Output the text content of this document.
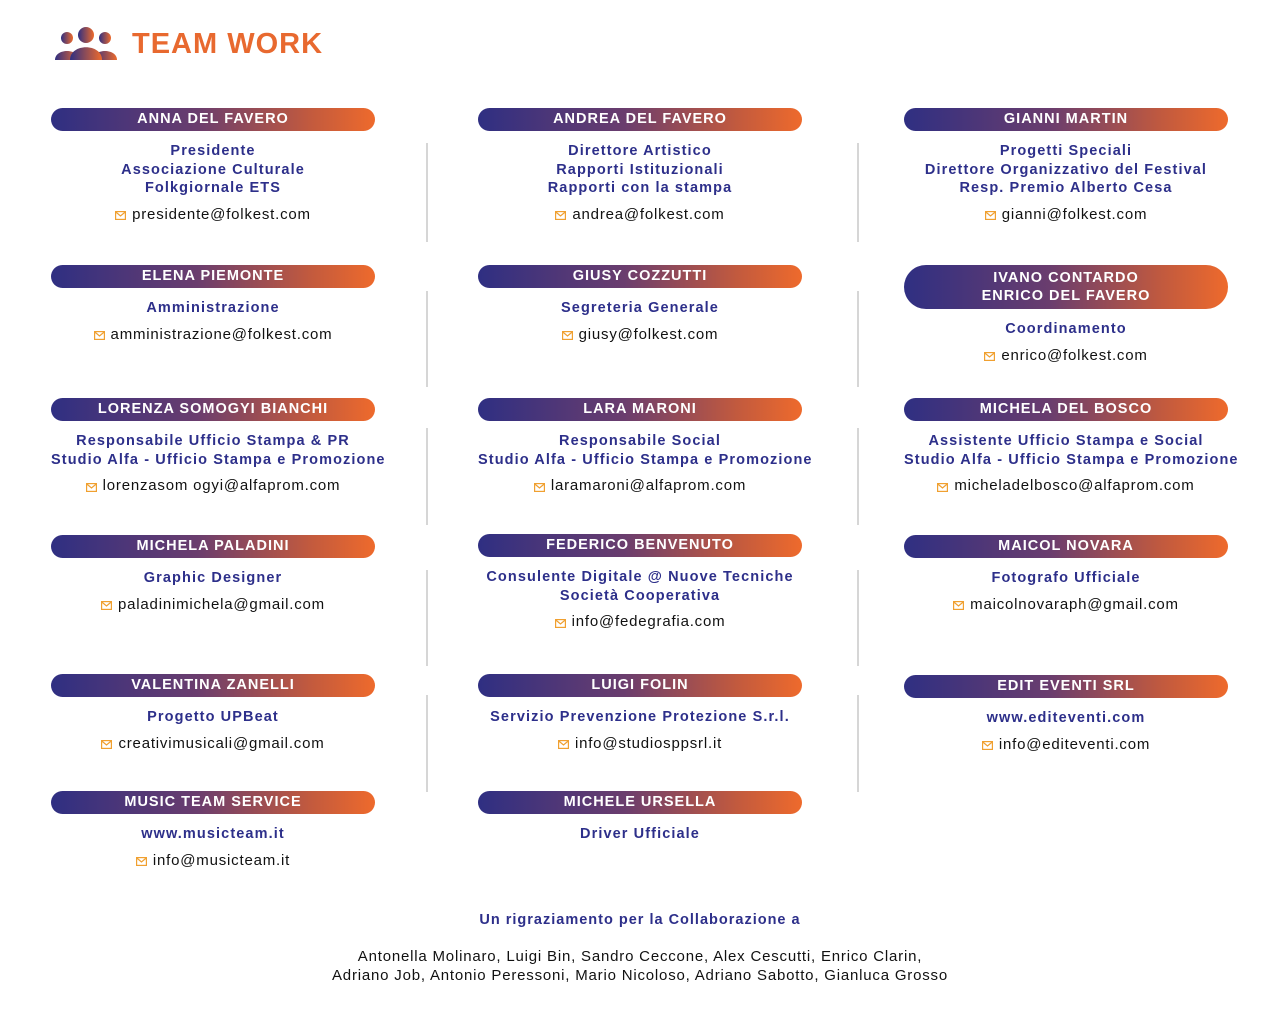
TEAM WORK
ANNA DEL FAVERO
Presidente
Associazione Culturale
Folkgiornale ETS
presidente@folkest.com
ANDREA DEL FAVERO
Direttore Artistico
Rapporti Istituzionali
Rapporti con la stampa
andrea@folkest.com
GIANNI MARTIN
Progetti Speciali
Direttore Organizzativo del Festival
Resp. Premio Alberto Cesa
gianni@folkest.com
ELENA PIEMONTE
Amministrazione
amministrazione@folkest.com
GIUSY COZZUTTI
Segreteria Generale
giusy@folkest.com
IVANO CONTARDO
ENRICO DEL FAVERO
Coordinamento
enrico@folkest.com
LORENZA SOMOGYI BIANCHI
Responsabile Ufficio Stampa & PR
Studio Alfa - Ufficio Stampa e Promozione
lorenzasom ogyi@alfaprom.com
LARA MARONI
Responsabile Social
Studio Alfa - Ufficio Stampa e Promozione
laramaroni@alfaprom.com
MICHELA DEL BOSCO
Assistente Ufficio Stampa e Social
Studio Alfa - Ufficio Stampa e Promozione
micheladelbosco@alfaprom.com
MICHELA PALADINI
Graphic Designer
paladinimichela@gmail.com
FEDERICO BENVENUTO
Consulente Digitale @ Nuove Tecniche
Società Cooperativa
info@fedegrafia.com
MAICOL NOVARA
Fotografo Ufficiale
maicolnovaraph@gmail.com
VALENTINA ZANELLI
Progetto UPBeat
creativimusicali@gmail.com
LUIGI FOLIN
Servizio Prevenzione Protezione S.r.l.
info@studiosppsrl.it
EDIT EVENTI SRL
www.editeventi.com
info@editeventi.com
MUSIC TEAM SERVICE
www.musicteam.it
info@musicteam.it
MICHELE URSELLA
Driver Ufficiale
Un rigraziamento per la Collaborazione a
Antonella Molinaro, Luigi Bin, Sandro Ceccone, Alex Cescutti, Enrico Clarin,
Adriano Job, Antonio Peressoni, Mario Nicoloso, Adriano Sabotto, Gianluca Grosso
